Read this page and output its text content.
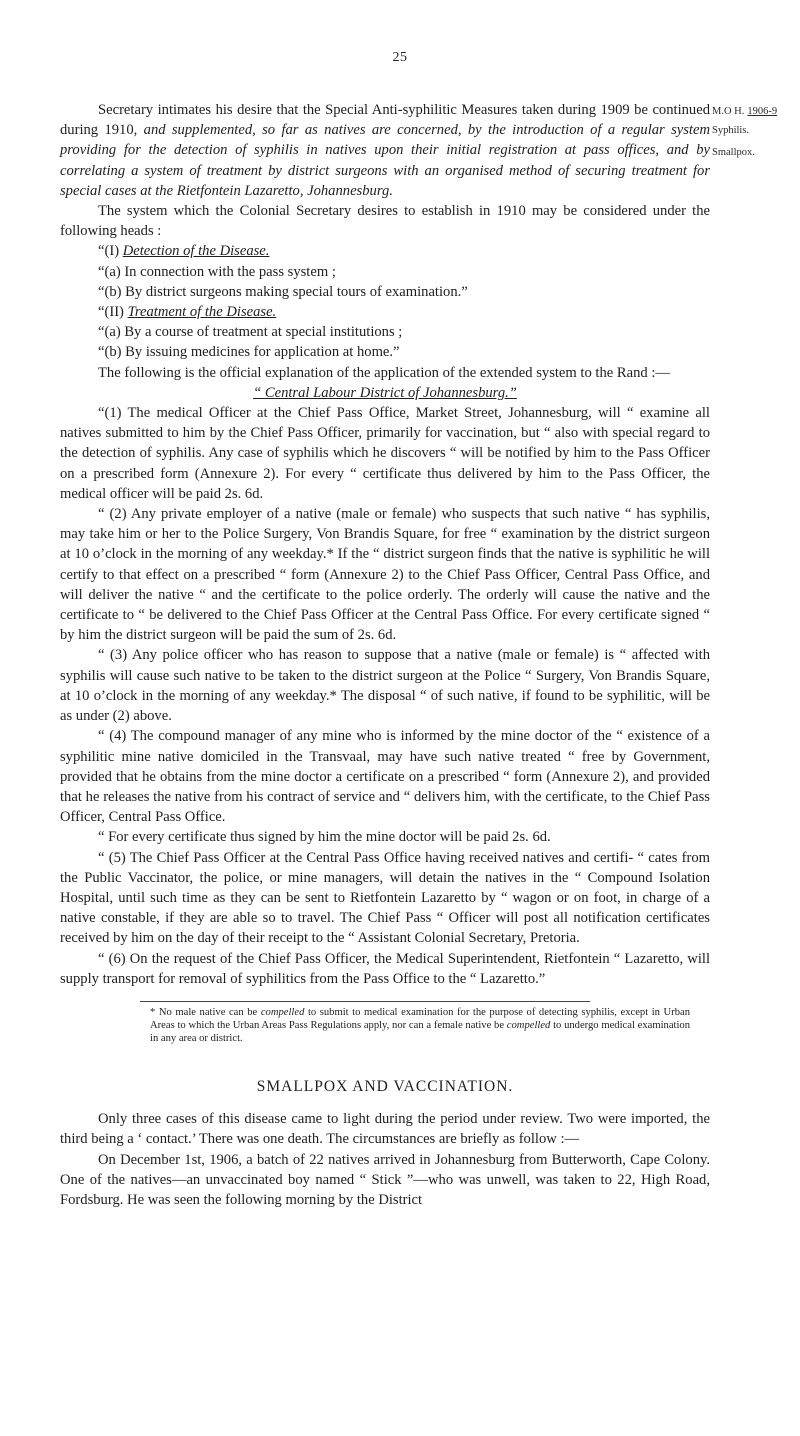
25
M.O H. 1906-9
Syphilis.
Smallpox.

Secretary intimates his desire that the Special Anti-syphilitic Measures taken during 1909 be continued during 1910, and supplemented, so far as natives are concerned, by the introduction of a regular system providing for the detection of syphilis in natives upon their initial registration at pass offices, and by correlating a system of treatment by district surgeons with an organised method of securing treatment for special cases at the Rietfontein Lazaretto, Johannesburg.

The system which the Colonial Secretary desires to establish in 1910 may be considered under the following heads :

“(I) Detection of the Disease.

“(a) In connection with the pass system ;

“(b) By district surgeons making special tours of examination.”

“(II) Treatment of the Disease.

“(a) By a course of treatment at special institutions ;

“(b) By issuing medicines for application at home.”

The following is the official explanation of the application of the extended system to the Rand :—

“ Central Labour District of Johannesburg.”

“(1) The medical Officer at the Chief Pass Office, Market Street, Johannesburg, will “ examine all natives submitted to him by the Chief Pass Officer, primarily for vaccination, but “ also with special regard to the detection of syphilis. Any case of syphilis which he discovers “ will be notified by him to the Pass Officer on a prescribed form (Annexure 2). For every “ certificate thus delivered by him to the Pass Officer, the medical officer will be paid 2s. 6d.

“ (2) Any private employer of a native (male or female) who suspects that such native “ has syphilis, may take him or her to the Police Surgery, Von Brandis Square, for free “ examination by the district surgeon at 10 o’clock in the morning of any weekday.* If the “ district surgeon finds that the native is syphilitic he will certify to that effect on a prescribed “ form (Annexure 2) to the Chief Pass Officer, Central Pass Office, and will deliver the native “ and the certificate to the police orderly. The orderly will cause the native and the certificate to “ be delivered to the Chief Pass Officer at the Central Pass Office. For every certificate signed “ by him the district surgeon will be paid the sum of 2s. 6d.

“ (3) Any police officer who has reason to suppose that a native (male or female) is “ affected with syphilis will cause such native to be taken to the district surgeon at the Police “ Surgery, Von Brandis Square, at 10 o’clock in the morning of any weekday.* The disposal “ of such native, if found to be syphilitic, will be as under (2) above.

“ (4) The compound manager of any mine who is informed by the mine doctor of the “ existence of a syphilitic mine native domiciled in the Transvaal, may have such native treated “ free by Government, provided that he obtains from the mine doctor a certificate on a prescribed “ form (Annexure 2), and provided that he releases the native from his contract of service and “ delivers him, with the certificate, to the Chief Pass Officer, Central Pass Office.

“ For every certificate thus signed by him the mine doctor will be paid 2s. 6d.

“ (5) The Chief Pass Officer at the Central Pass Office having received natives and certifi- “ cates from the Public Vaccinator, the police, or mine managers, will detain the natives in the “ Compound Isolation Hospital, until such time as they can be sent to Rietfontein Lazaretto by “ wagon or on foot, in charge of a native constable, if they are able so to travel. The Chief Pass “ Officer will post all notification certificates received by him on the day of their receipt to the “ Assistant Colonial Secretary, Pretoria.

“ (6) On the request of the Chief Pass Officer, the Medical Superintendent, Rietfontein “ Lazaretto, will supply transport for removal of syphilitics from the Pass Office to the “ Lazaretto.”

* No male native can be compelled to submit to medical examination for the purpose of detecting syphilis, except in Urban Areas to which the Urban Areas Pass Regulations apply, nor can a female native be compelled to undergo medical examination in any area or district.

SMALLPOX AND VACCINATION.

Only three cases of this disease came to light during the period under review. Two were imported, the third being a ‘ contact.’ There was one death. The circumstances are briefly as follow :—

On December 1st, 1906, a batch of 22 natives arrived in Johannesburg from Butterworth, Cape Colony. One of the natives—an unvaccinated boy named “ Stick ”—who was unwell, was taken to 22, High Road, Fordsburg. He was seen the following morning by the District
